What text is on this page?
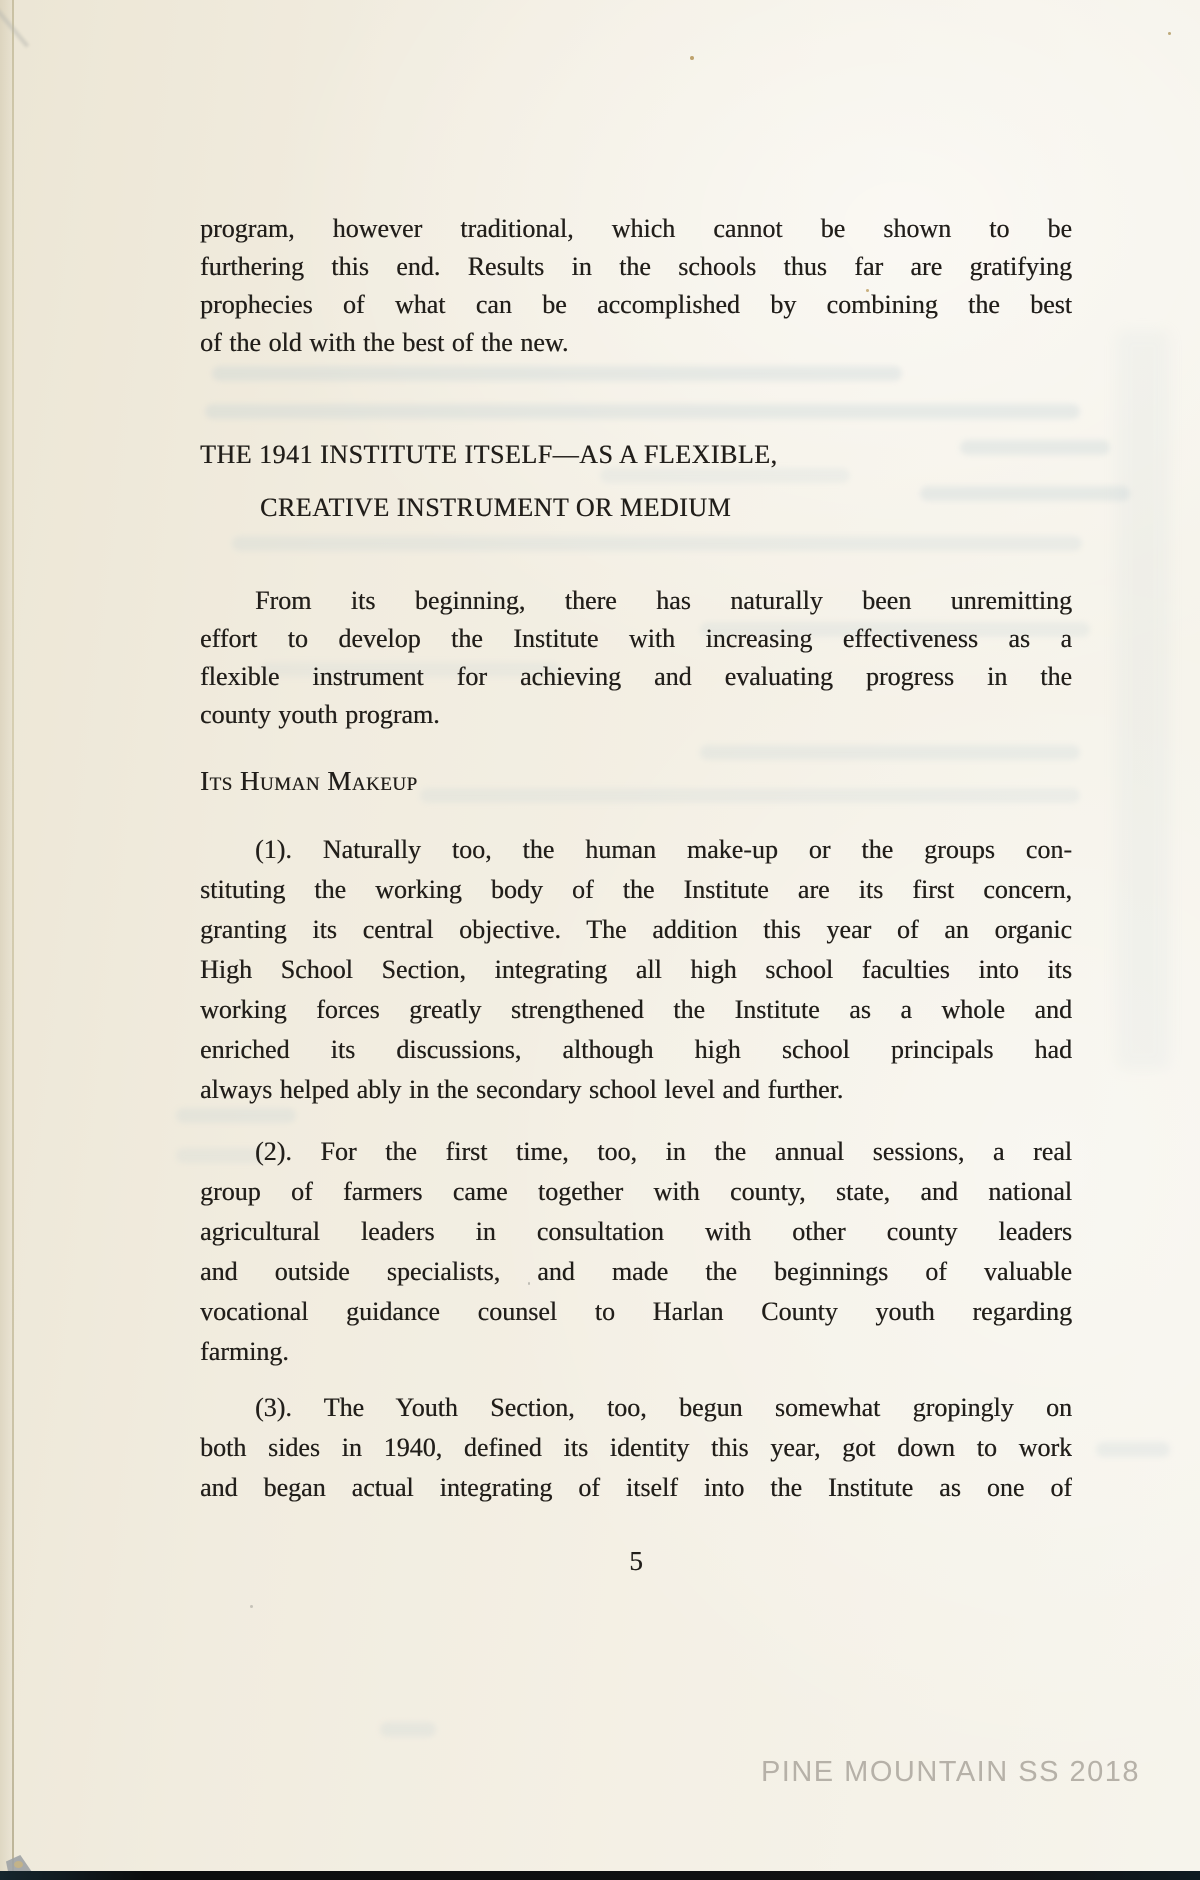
program, however traditional, which cannot be shown to be
furthering this end. Results in the schools thus far are gratifying
prophecies of what can be accomplished by combining the best
of the old with the best of the new.
THE 1941 INSTITUTE ITSELF—AS A FLEXIBLE,
CREATIVE INSTRUMENT OR MEDIUM
From its beginning, there has naturally been unremitting
effort to develop the Institute with increasing effectiveness as a
flexible instrument for achieving and evaluating progress in the
county youth program.
Its Human Makeup
(1). Naturally too, the human make-up or the groups con-
stituting the working body of the Institute are its first concern,
granting its central objective. The addition this year of an organic
High School Section, integrating all high school faculties into its
working forces greatly strengthened the Institute as a whole and
enriched its discussions, although high school principals had
always helped ably in the secondary school level and further.
(2). For the first time, too, in the annual sessions, a real
group of farmers came together with county, state, and national
agricultural leaders in consultation with other county leaders
and outside specialists, and made the beginnings of valuable
vocational guidance counsel to Harlan County youth regarding
farming.
(3). The Youth Section, too, begun somewhat gropingly on
both sides in 1940, defined its identity this year, got down to work
and began actual integrating of itself into the Institute as one of
5
PINE MOUNTAIN SS 2018
